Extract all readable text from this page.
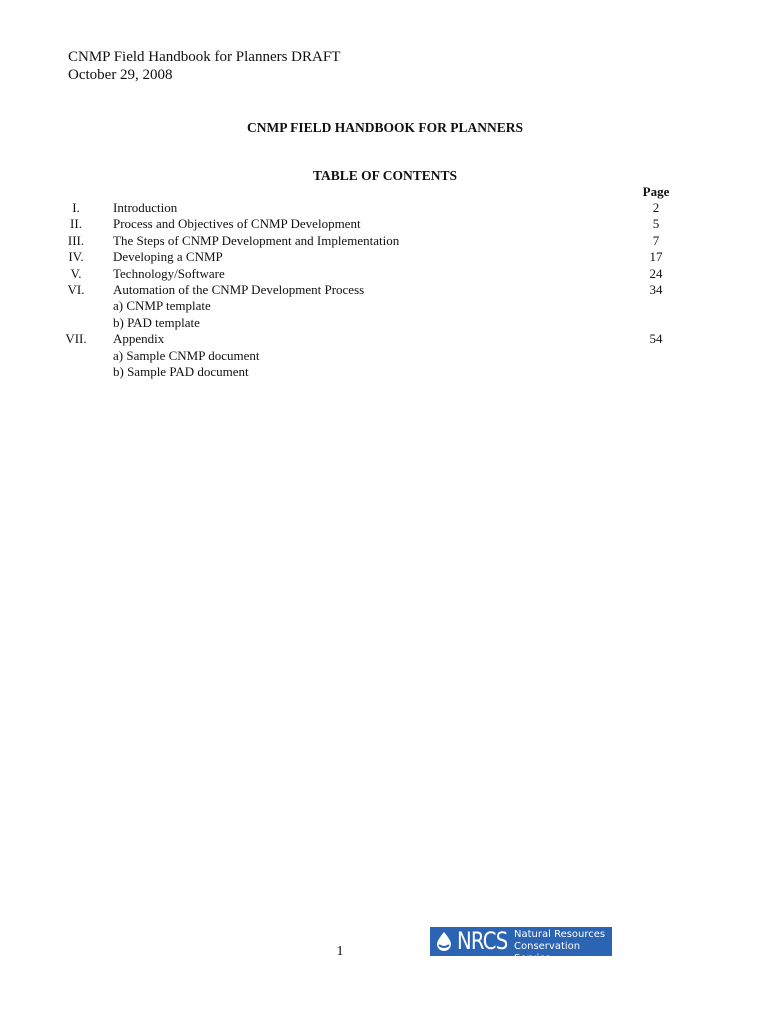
CNMP Field Handbook for Planners DRAFT
October 29, 2008
CNMP FIELD HANDBOOK FOR PLANNERS
TABLE OF CONTENTS
Page
I.	Introduction	2
II.	Process and Objectives of CNMP Development	5
III.	The Steps of CNMP Development and Implementation	7
IV.	Developing a CNMP	17
V.	Technology/Software	24
VI.	Automation of the CNMP Development Process	34
a) CNMP template
b) PAD template
VII.	Appendix	54
a) Sample CNMP document
b) Sample PAD document
1	NRCS Natural Resources
Conservation Service
